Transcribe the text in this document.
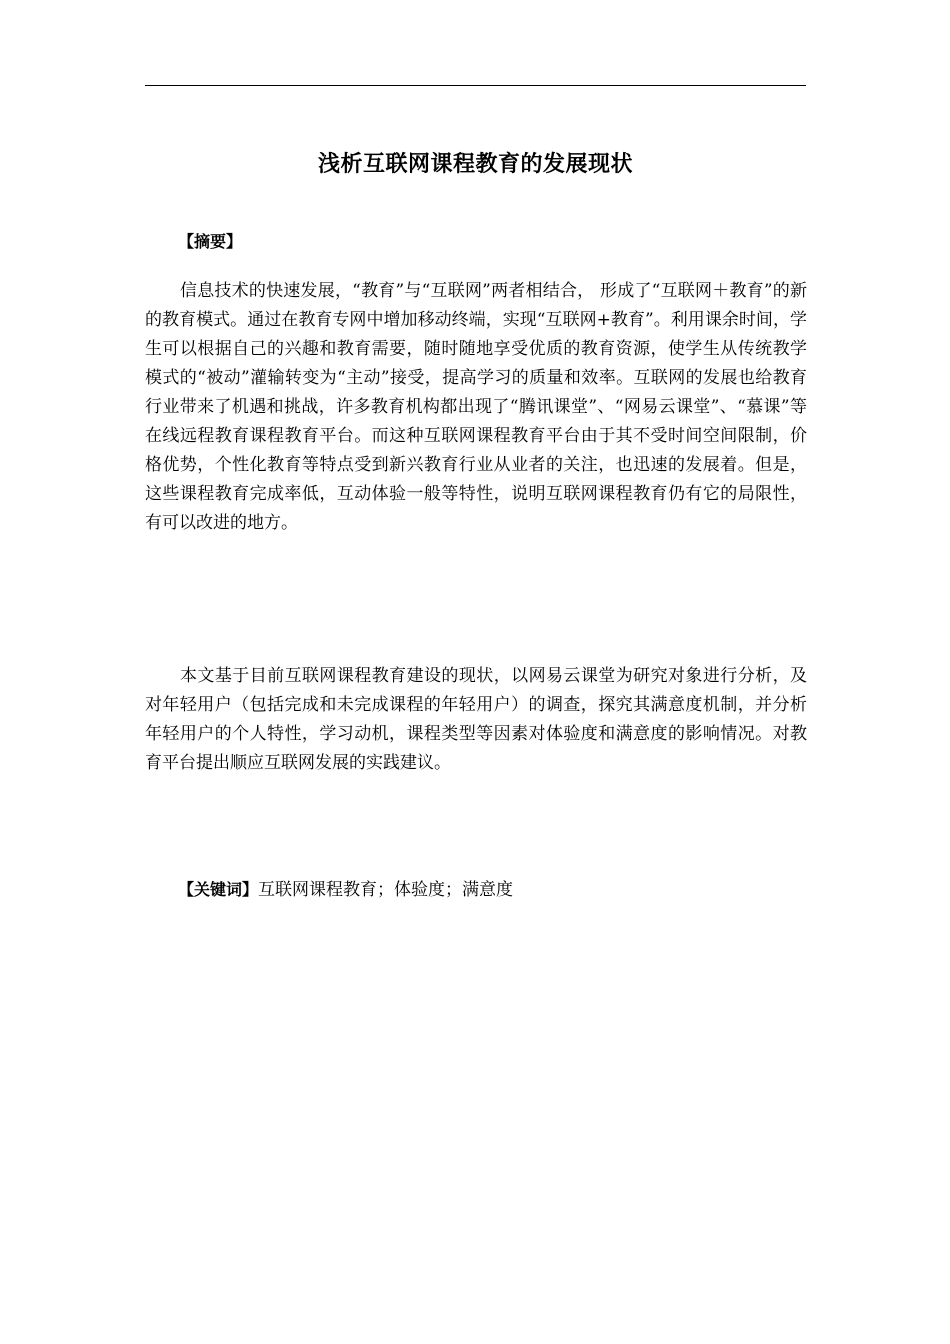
浅析互联网课程教育的发展现状
【摘要】

信息技术的快速发展，“教育”与“互联网”两者相结合， 形成了“互联网＋教育”的新的教育模式。通过在教育专网中增加移动终端，实现“互联网+教育”。利用课余时间，学生可以根据自己的兴趣和教育需要，随时随地享受优质的教育资源，使学生从传统教学模式的“被动”灌输转变为“主动”接受，提高学习的质量和效率。互联网的发展也给教育行业带来了机遇和挑战，许多教育机构都出现了“腾讯课堂”、“网易云课堂”、“慕课”等在线远程教育课程教育平台。而这种互联网课程教育平台由于其不受时间空间限制，价格优势，个性化教育等特点受到新兴教育行业从业者的关注，也迅速的发展着。但是，这些课程教育完成率低，互动体验一般等特性，说明互联网课程教育仍有它的局限性，有可以改进的地方。

本文基于目前互联网课程教育建设的现状，以网易云课堂为研究对象进行分析，及对年轻用户（包括完成和未完成课程的年轻用户）的调查，探究其满意度机制，并分析年轻用户的个人特性，学习动机，课程类型等因素对体验度和满意度的影响情况。对教育平台提出顺应互联网发展的实践建议。

【关键词】互联网课程教育；体验度；满意度
